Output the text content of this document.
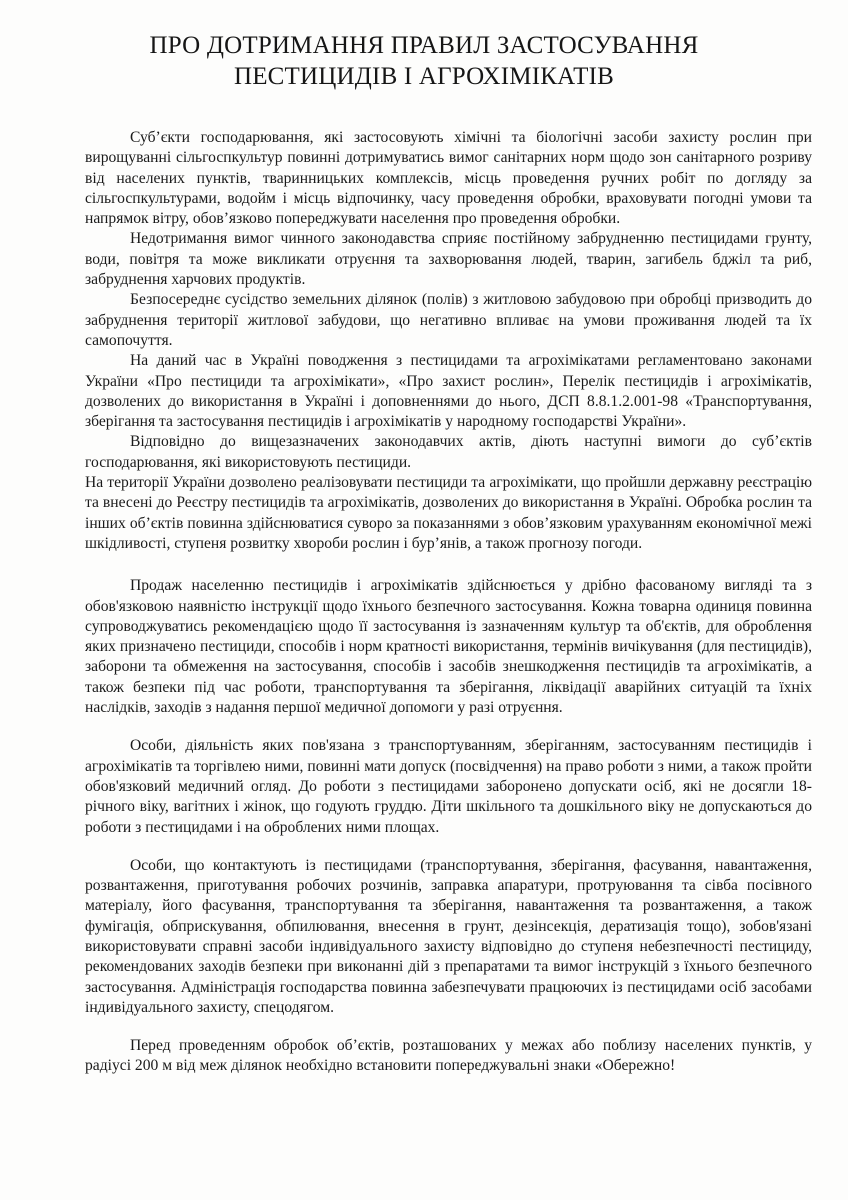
ПРО ДОТРИМАННЯ ПРАВИЛ ЗАСТОСУВАННЯ
ПЕСТИЦИДІВ І АГРОХІМІКАТІВ

Суб’єкти господарювання, які застосовують хімічні та біологічні засоби захисту рослин при вирощуванні сільгоспкультур повинні дотримуватись вимог санітарних норм щодо зон санітарного розриву від населених пунктів, тваринницьких комплексів, місць проведення ручних робіт по догляду за сільгоспкультурами, водойм і місць відпочинку, часу проведення обробки, враховувати погодні умови та напрямок вітру, обов’язково попереджувати населення про проведення обробки.

Недотримання вимог чинного законодавства сприяє постійному забрудненню пестицидами грунту, води, повітря та може викликати отруєння та захворювання людей, тварин, загибель бджіл та риб, забруднення харчових продуктів.

Безпосереднє сусідство земельних ділянок (полів) з житловою забудовою при обробці призводить до забруднення території житлової забудови, що негативно впливає на умови проживання людей та їх самопочуття.

На даний час в Україні поводження з пестицидами та агрохімікатами регламентовано законами України «Про пестициди та агрохімікати», «Про захист рослин», Перелік пестицидів і агрохімікатів, дозволених до використання в Україні і доповненнями до нього, ДСП 8.8.1.2.001-98 «Транспортування, зберігання та застосування пестицидів і агрохімікатів у народному господарстві України».

Відповідно до вищезазначених законодавчих актів, діють наступні вимоги до суб’єктів господарювання, які використовують пестициди.

На території України дозволено реалізовувати пестициди та агрохімікати, що пройшли державну реєстрацію та внесені до Реєстру пестицидів та агрохімікатів, дозволених до використання в Україні. Обробка рослин та інших об’єктів повинна здійснюватися суворо за показаннями з обов’язковим урахуванням економічної межі шкідливості, ступеня розвитку хвороби рослин і бур’янів, а також прогнозу погоди.

Продаж населенню пестицидів і агрохімікатів здійснюється у дрібно фасованому вигляді та з обов'язковою наявністю інструкції щодо їхнього безпечного застосування. Кожна товарна одиниця повинна супроводжуватись рекомендацією щодо її застосування із зазначенням культур та об'єктів, для оброблення яких призначено пестициди, способів і норм кратності використання, термінів вичікування (для пестицидів), заборони та обмеження на застосування, способів і засобів знешкодження пестицидів та агрохімікатів, а також безпеки під час роботи, транспортування та зберігання, ліквідації аварійних ситуацій та їхніх наслідків, заходів з надання першої медичної допомоги у разі отруєння.

Особи, діяльність яких пов'язана з транспортуванням, зберіганням, застосуванням пестицидів і агрохімікатів та торгівлею ними, повинні мати допуск (посвідчення) на право роботи з ними, а також пройти обов'язковий медичний огляд. До роботи з пестицидами заборонено допускати осіб, які не досягли 18-річного віку, вагітних і жінок, що годують груддю. Діти шкільного та дошкільного віку не допускаються до роботи з пестицидами і на оброблених ними площах.

Особи, що контактують із пестицидами (транспортування, зберігання, фасування, навантаження, розвантаження, приготування робочих розчинів, заправка апаратури, протруювання та сівба посівного матеріалу, його фасування, транспортування та зберігання, навантаження та розвантаження, а також фумігація, обприскування, обпилювання, внесення в грунт, дезінсекція, дератизація тощо), зобов'язані використовувати справні засоби індивідуального захисту відповідно до ступеня небезпечності пестициду, рекомендованих заходів безпеки при виконанні дій з препаратами та вимог інструкцій з їхнього безпечного застосування. Адміністрація господарства повинна забезпечувати працюючих із пестицидами осіб засобами індивідуального захисту, спецодягом.

Перед проведенням обробок об’єктів, розташованих у межах або поблизу населених пунктів, у радіусі 200 м від меж ділянок необхідно встановити попереджувальні знаки «Обережно!
